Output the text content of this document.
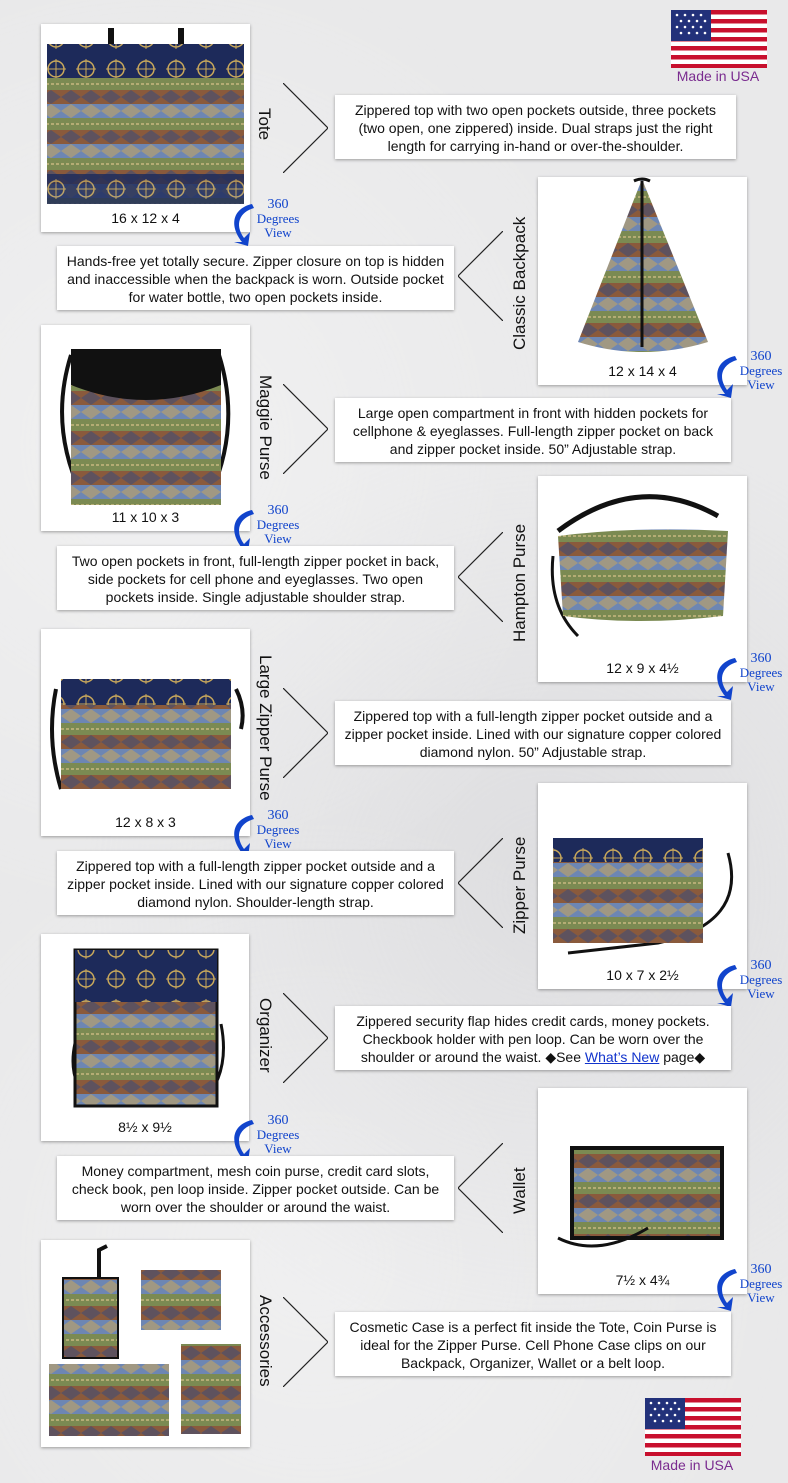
Made in USA
16 x 12 x 4
Tote	Zippered top with two open pockets outside, three pockets (two open, one zippered) inside. Dual straps just the right length for carrying in-hand or over-the-shoulder.
360
Degrees
View
12 x 14 x 4
Classic Backpack
Hands-free yet totally secure. Zipper closure on top is hidden and inaccessible when the backpack is worn. Outside pocket for water bottle, two open pockets inside.
360
Degrees
View
11 x 10 x 3
Maggie Purse	Large open compartment in front with hidden pockets for cellphone & eyeglasses. Full-length zipper pocket on back and zipper pocket inside. 50” Adjustable strap.
360
Degrees
View
12 x 9 x 4½
Hampton Purse
Two open pockets in front, full-length zipper pocket in back, side pockets for cell phone and eyeglasses. Two open pockets inside. Single adjustable shoulder strap.
360
Degrees
View
12 x 8 x 3
Large Zipper Purse	Zippered top with a full-length zipper pocket outside and a zipper pocket inside. Lined with our signature copper colored diamond nylon. 50” Adjustable strap.
360
Degrees
View
10 x 7 x 2½
Zipper Purse
Zippered top with a full-length zipper pocket outside and a zipper pocket inside. Lined with our signature copper colored diamond nylon. Shoulder-length strap.
360
Degrees
View
8½ x 9½
Organizer	Zippered security flap hides credit cards, money pockets. Checkbook holder with pen loop. Can be worn over the shoulder or around the waist. ◆See What’s New page◆
360
Degrees
View
7½ x 4¾
Wallet
Money compartment, mesh coin purse, credit card slots, check book, pen loop inside. Zipper pocket outside. Can be worn over the shoulder or around the waist.
360
Degrees
View
Accessories	Cosmetic Case is a perfect fit inside the Tote, Coin Purse is ideal for the Zipper Purse. Cell Phone Case clips on our Backpack, Organizer, Wallet or a belt loop.
Made in USA
